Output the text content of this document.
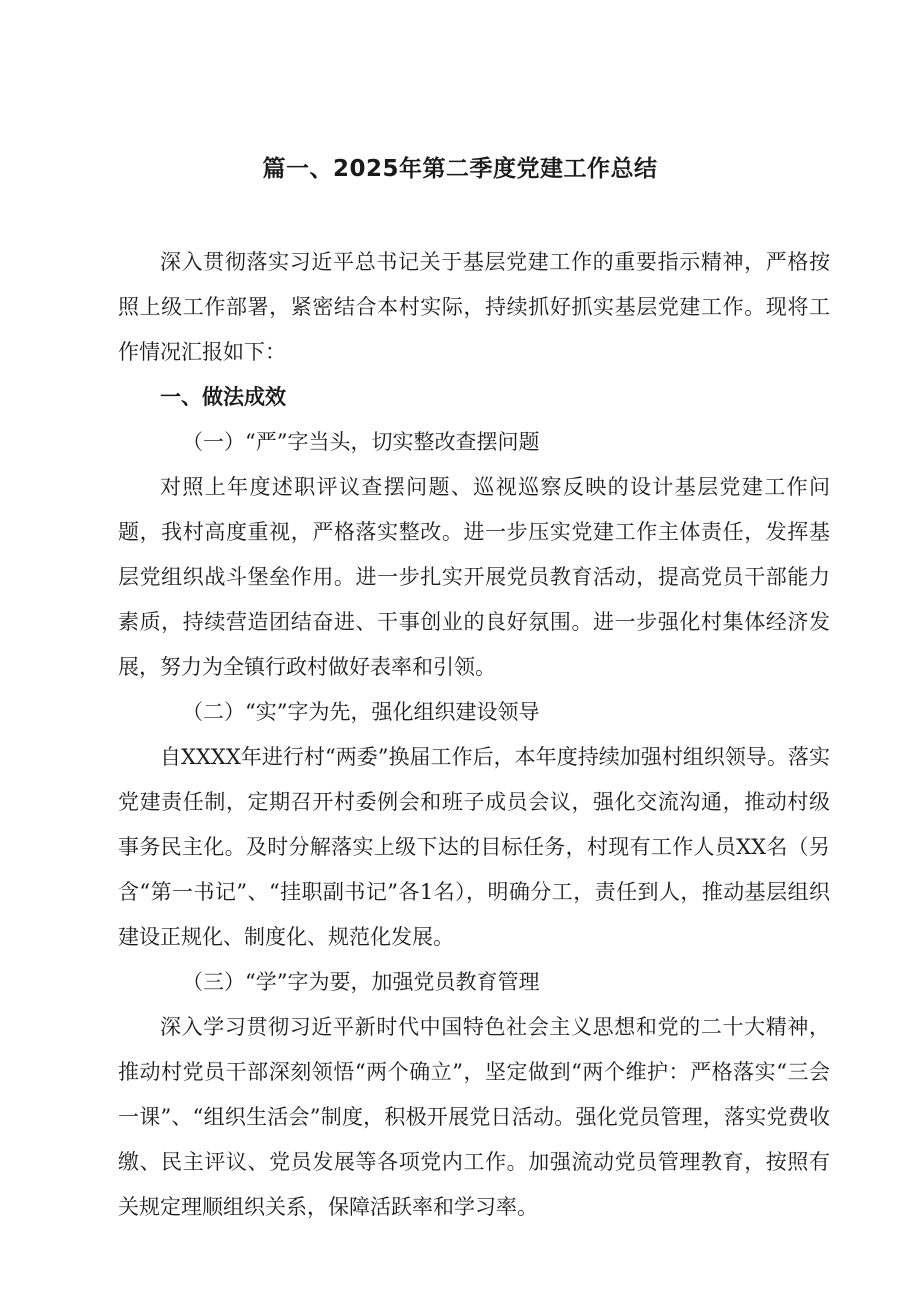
篇一、2025年第二季度党建工作总结

深入贯彻落实习近平总书记关于基层党建工作的重要指示精神，严格按照上级工作部署，紧密结合本村实际，持续抓好抓实基层党建工作。现将工作情况汇报如下：

一、做法成效

（一）“严”字当头，切实整改查摆问题

对照上年度述职评议查摆问题、巡视巡察反映的设计基层党建工作问题，我村高度重视，严格落实整改。进一步压实党建工作主体责任，发挥基层党组织战斗堡垒作用。进一步扎实开展党员教育活动，提高党员干部能力素质，持续营造团结奋进、干事创业的良好氛围。进一步强化村集体经济发展，努力为全镇行政村做好表率和引领。

（二）“实”字为先，强化组织建设领导

自XXXX年进行村“两委”换届工作后，本年度持续加强村组织领导。落实党建责任制，定期召开村委例会和班子成员会议，强化交流沟通，推动村级事务民主化。及时分解落实上级下达的目标任务，村现有工作人员XX名（另含“第一书记”、“挂职副书记”各1名），明确分工，责任到人，推动基层组织建设正规化、制度化、规范化发展。

（三）“学”字为要，加强党员教育管理

深入学习贯彻习近平新时代中国特色社会主义思想和党的二十大精神，推动村党员干部深刻领悟“两个确立”，坚定做到“两个维护：严格落实“三会一课”、“组织生活会”制度，积极开展党日活动。强化党员管理，落实党费收缴、民主评议、党员发展等各项党内工作。加强流动党员管理教育，按照有关规定理顺组织关系，保障活跃率和学习率。
